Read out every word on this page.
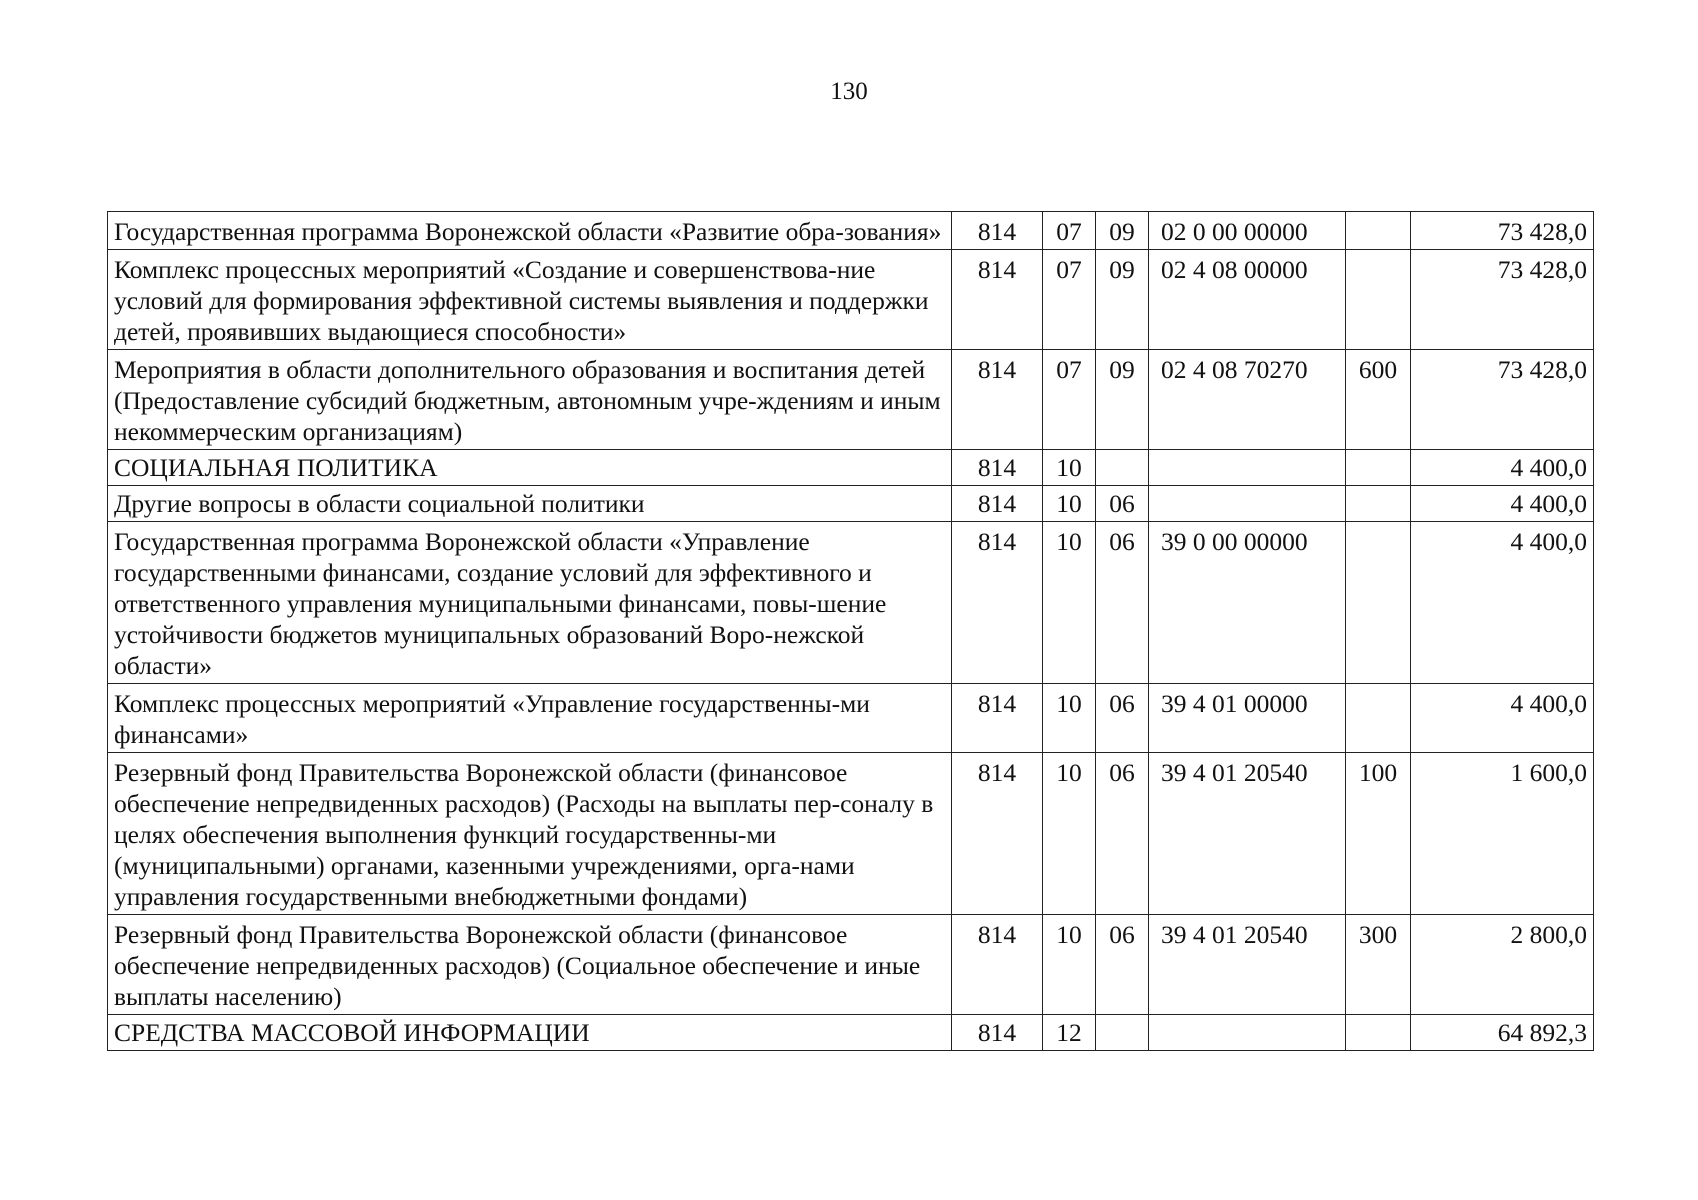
130
Государственная программа Воронежской области «Развитие обра-зования»	814	07	09	02 0 00 00000		73 428,0
Комплекс процессных мероприятий «Создание и совершенствова-ние условий для формирования эффективной системы выявления и поддержки детей, проявивших выдающиеся способности»	814	07	09	02 4 08 00000		73 428,0
Мероприятия в области дополнительного образования и воспитания детей (Предоставление субсидий бюджетным, автономным учре-ждениям и иным некоммерческим организациям)	814	07	09	02 4 08 70270	600	73 428,0
СОЦИАЛЬНАЯ ПОЛИТИКА	814	10				4 400,0
Другие вопросы в области социальной политики	814	10	06			4 400,0
Государственная программа Воронежской области «Управление государственными финансами, создание условий для эффективного и ответственного управления муниципальными финансами, повы-шение устойчивости бюджетов муниципальных образований Воро-нежской области»	814	10	06	39 0 00 00000		4 400,0
Комплекс процессных мероприятий «Управление государственны-ми финансами»	814	10	06	39 4 01 00000		4 400,0
Резервный фонд Правительства Воронежской области (финансовое обеспечение непредвиденных расходов) (Расходы на выплаты пер-соналу в целях обеспечения выполнения функций государственны-ми (муниципальными) органами, казенными учреждениями, орга-нами управления государственными внебюджетными фондами)	814	10	06	39 4 01 20540	100	1 600,0
Резервный фонд Правительства Воронежской области (финансовое обеспечение непредвиденных расходов) (Социальное обеспечение и иные выплаты населению)	814	10	06	39 4 01 20540	300	2 800,0
СРЕДСТВА МАССОВОЙ ИНФОРМАЦИИ	814	12				64 892,3
